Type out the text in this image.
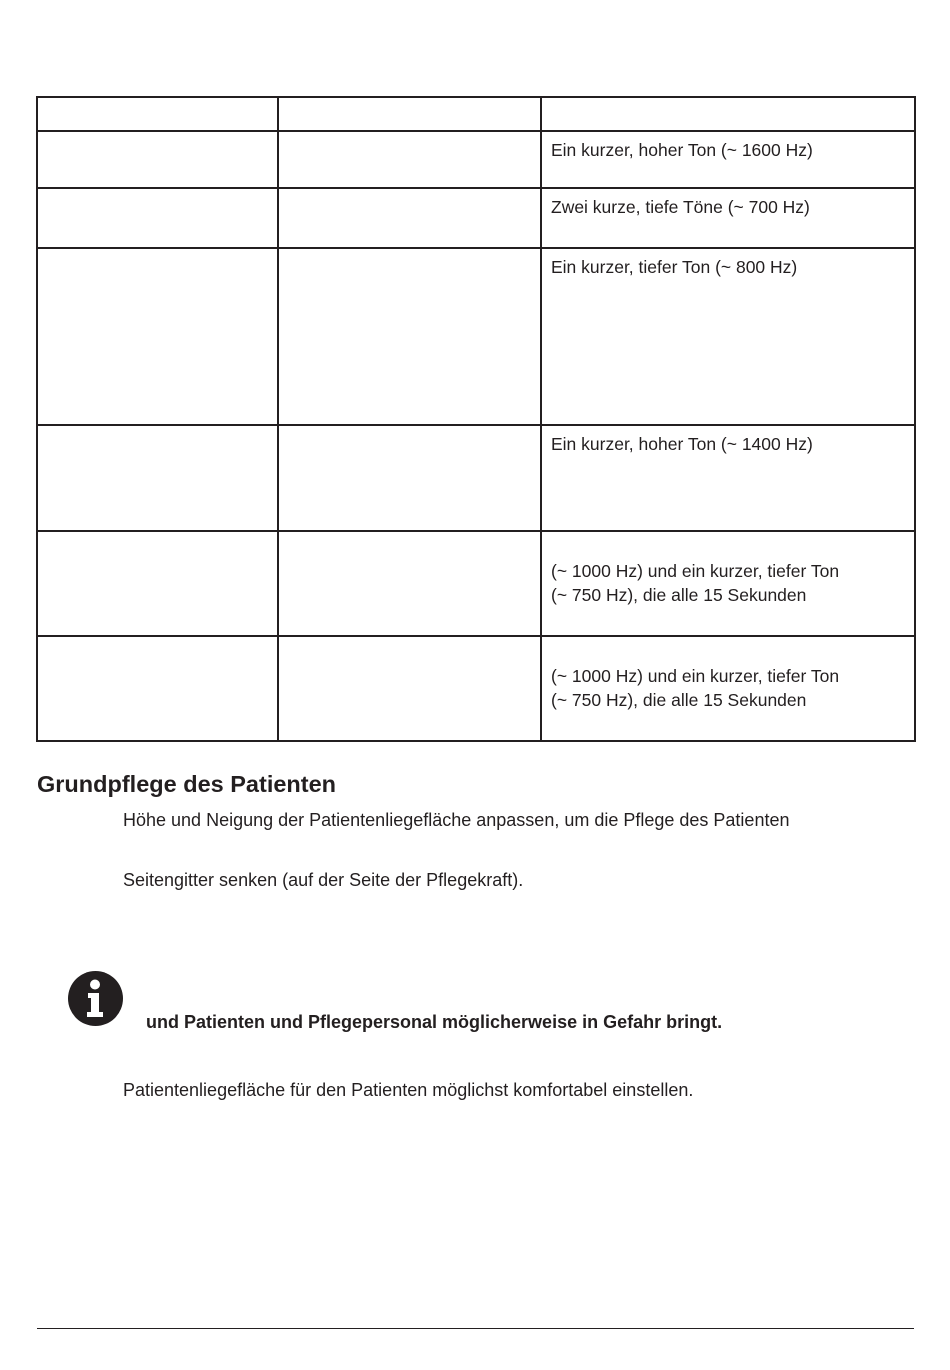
		Ein kurzer, hoher Ton (~ 1600 Hz)

		Zwei kurze, tiefe Töne (~ 700 Hz)

		Ein kurzer, tiefer Ton (~ 800 Hz)

		Ein kurzer, hoher Ton (~ 1400 Hz)

		(~ 1000 Hz) und ein kurzer, tiefer Ton
(~ 750 Hz), die alle 15 Sekunden

		(~ 1000 Hz) und ein kurzer, tiefer Ton
(~ 750 Hz), die alle 15 Sekunden
Grundpflege des Patienten

Höhe und Neigung der Patientenliegefläche anpassen, um die Pflege des Patienten

Seitengitter senken (auf der Seite der Pflegekraft).

und Patienten und Pflegepersonal möglicherweise in Gefahr bringt.

Patientenliegefläche für den Patienten möglichst komfortabel einstellen.
